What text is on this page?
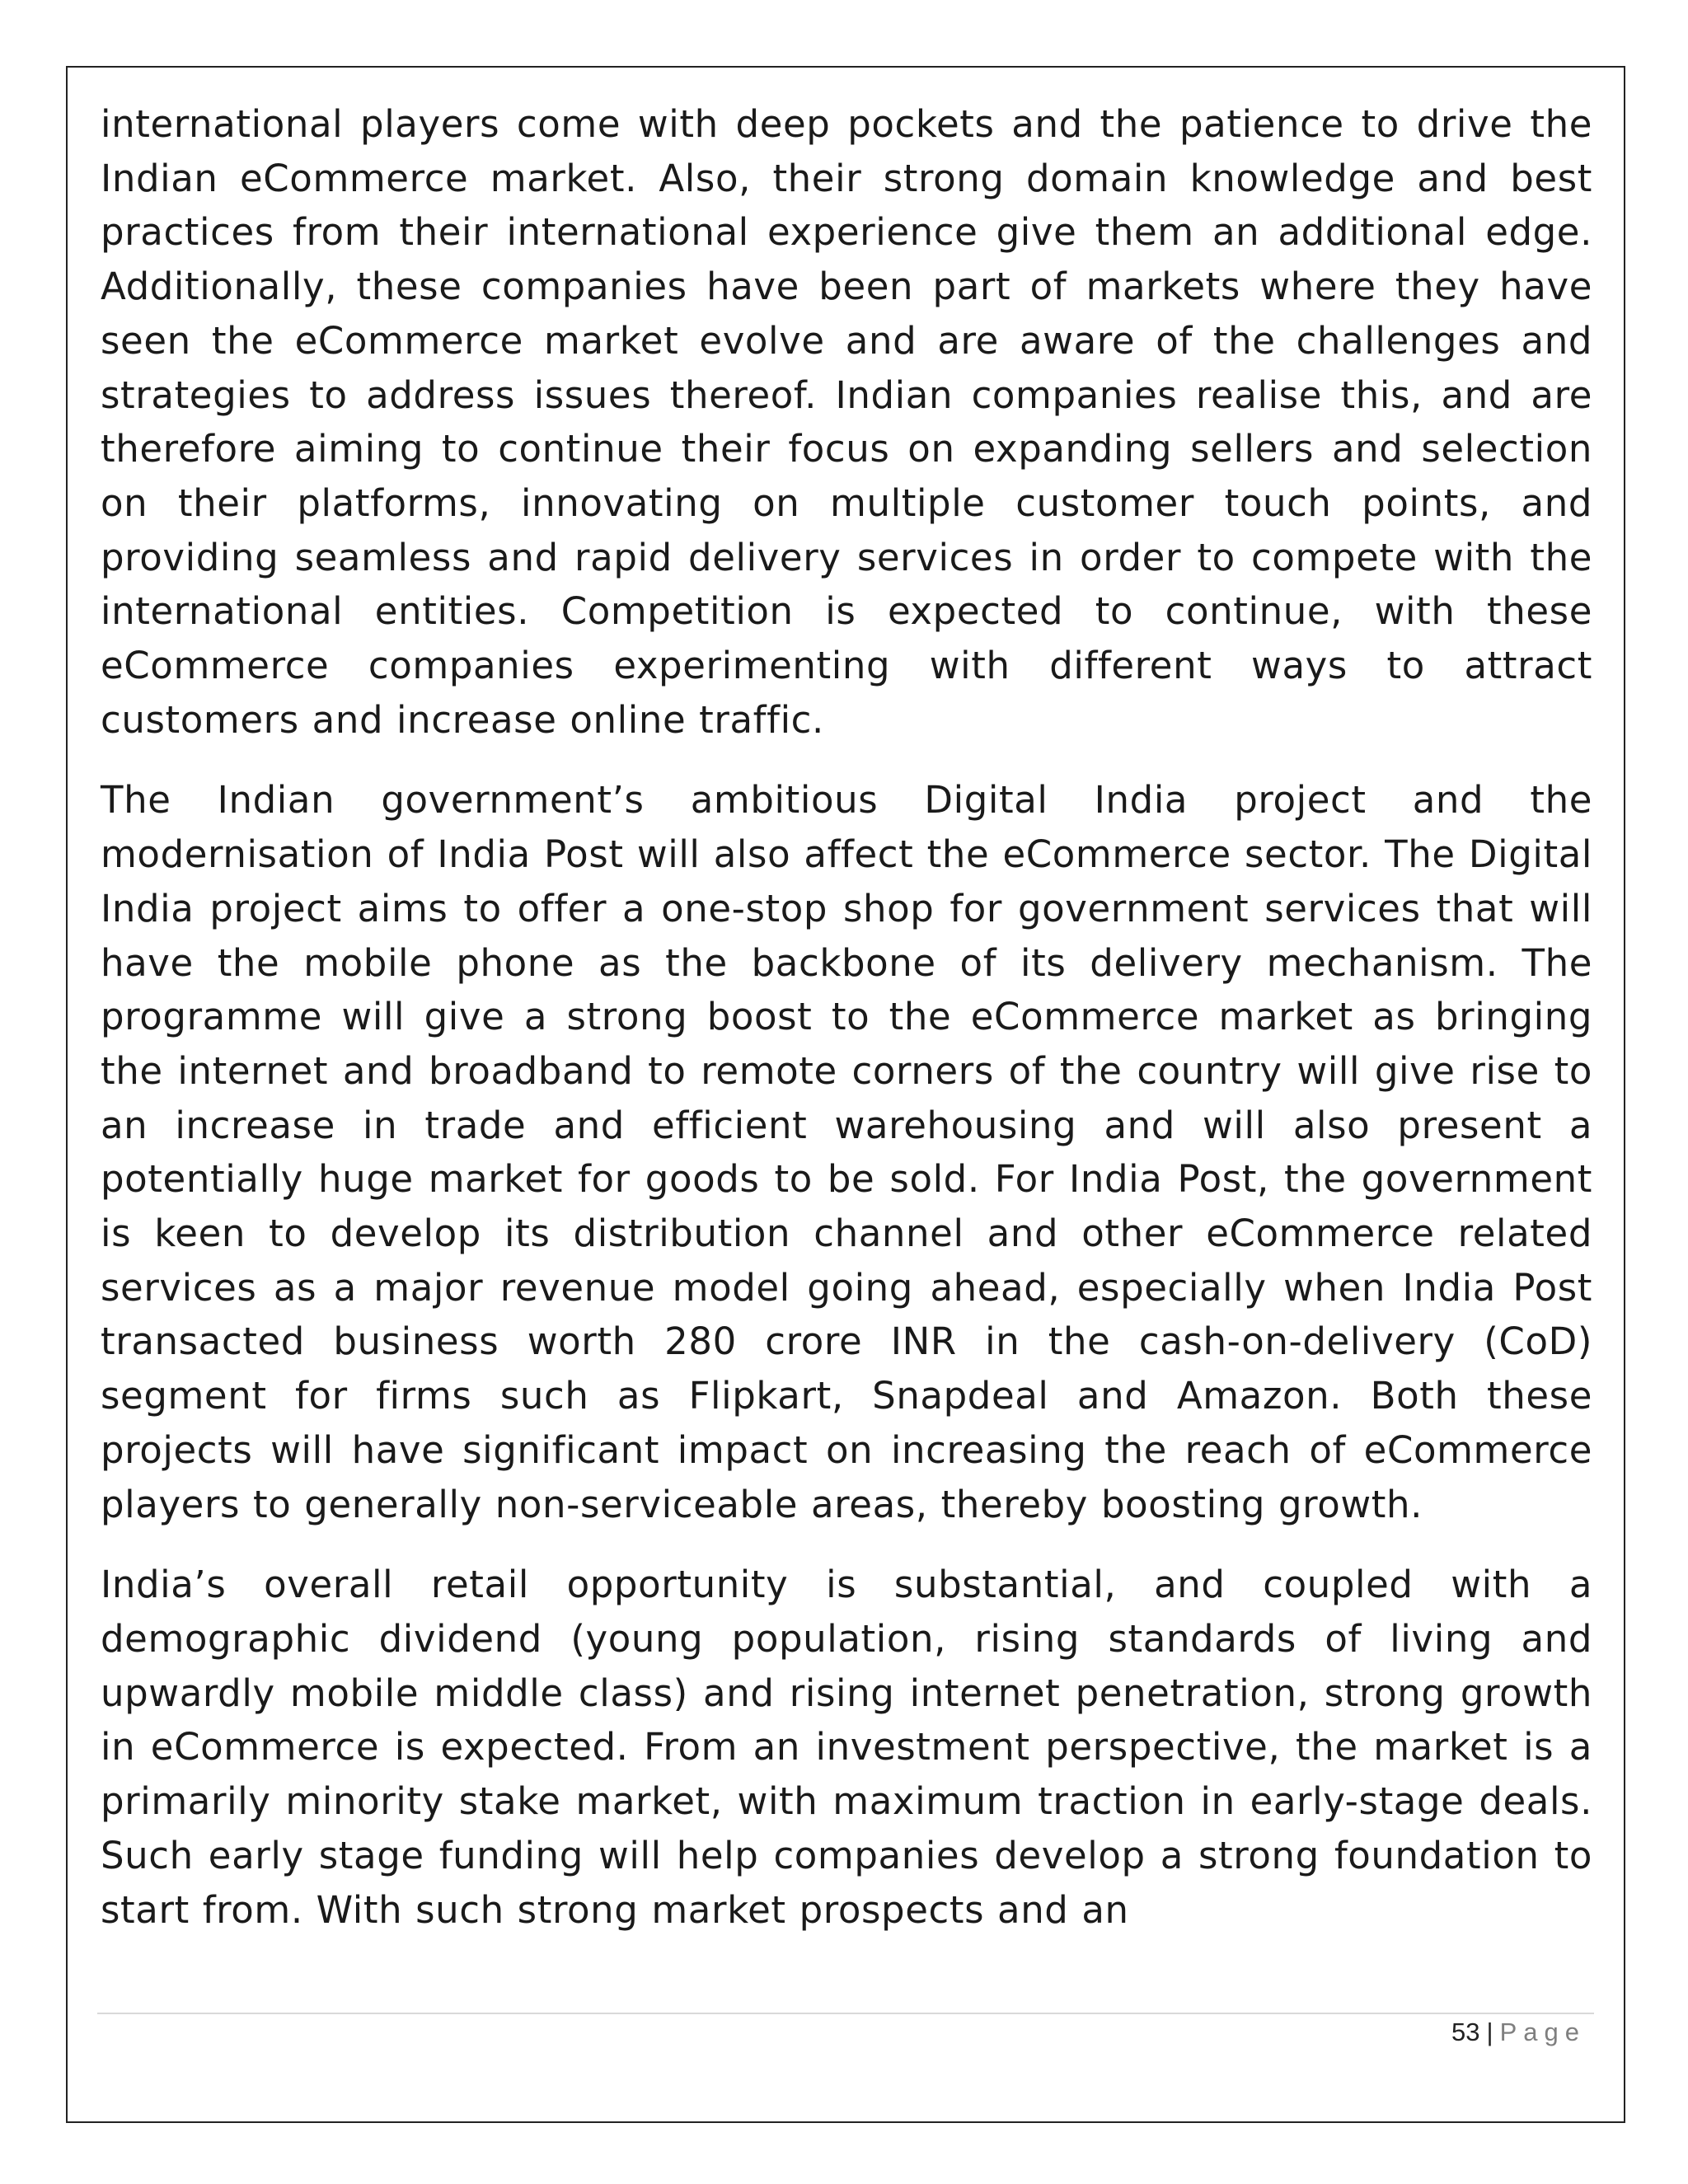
international players come with deep pockets and the patience to drive the Indian eCommerce market. Also, their strong domain knowledge and best practices from their international experience give them an additional edge. Additionally, these companies have been part of markets where they have seen the eCommerce market evolve and are aware of the challenges and strategies to address issues thereof. Indian companies realise this, and are therefore aiming to continue their focus on expanding sellers and selection on their platforms, innovating on multiple customer touch points, and providing seamless and rapid delivery services in order to compete with the international entities. Competition is expected to continue, with these eCommerce companies experimenting with different ways to attract customers and increase online traffic.

The Indian government’s ambitious Digital India project and the modernisation of India Post will also affect the eCommerce sector. The Digital India project aims to offer a one-stop shop for government services that will have the mobile phone as the backbone of its delivery mechanism. The programme will give a strong boost to the eCommerce market as bringing the internet and broadband to remote corners of the country will give rise to an increase in trade and efficient warehousing and will also present a potentially huge market for goods to be sold. For India Post, the government is keen to develop its distribution channel and other eCommerce related services as a major revenue model going ahead, especially when India Post transacted business worth 280 crore INR in the cash-on-delivery (CoD) segment for firms such as Flipkart, Snapdeal and Amazon. Both these projects will have significant impact on increasing the reach of eCommerce players to generally non-serviceable areas, thereby boosting growth.

India’s overall retail opportunity is substantial, and coupled with a demographic dividend (young population, rising standards of living and upwardly mobile middle class) and rising internet penetration, strong growth in eCommerce is expected. From an investment perspective, the market is a primarily minority stake market, with maximum traction in early-stage deals. Such early stage funding will help companies develop a strong foundation to start from. With such strong market prospects and an

53 | Page
